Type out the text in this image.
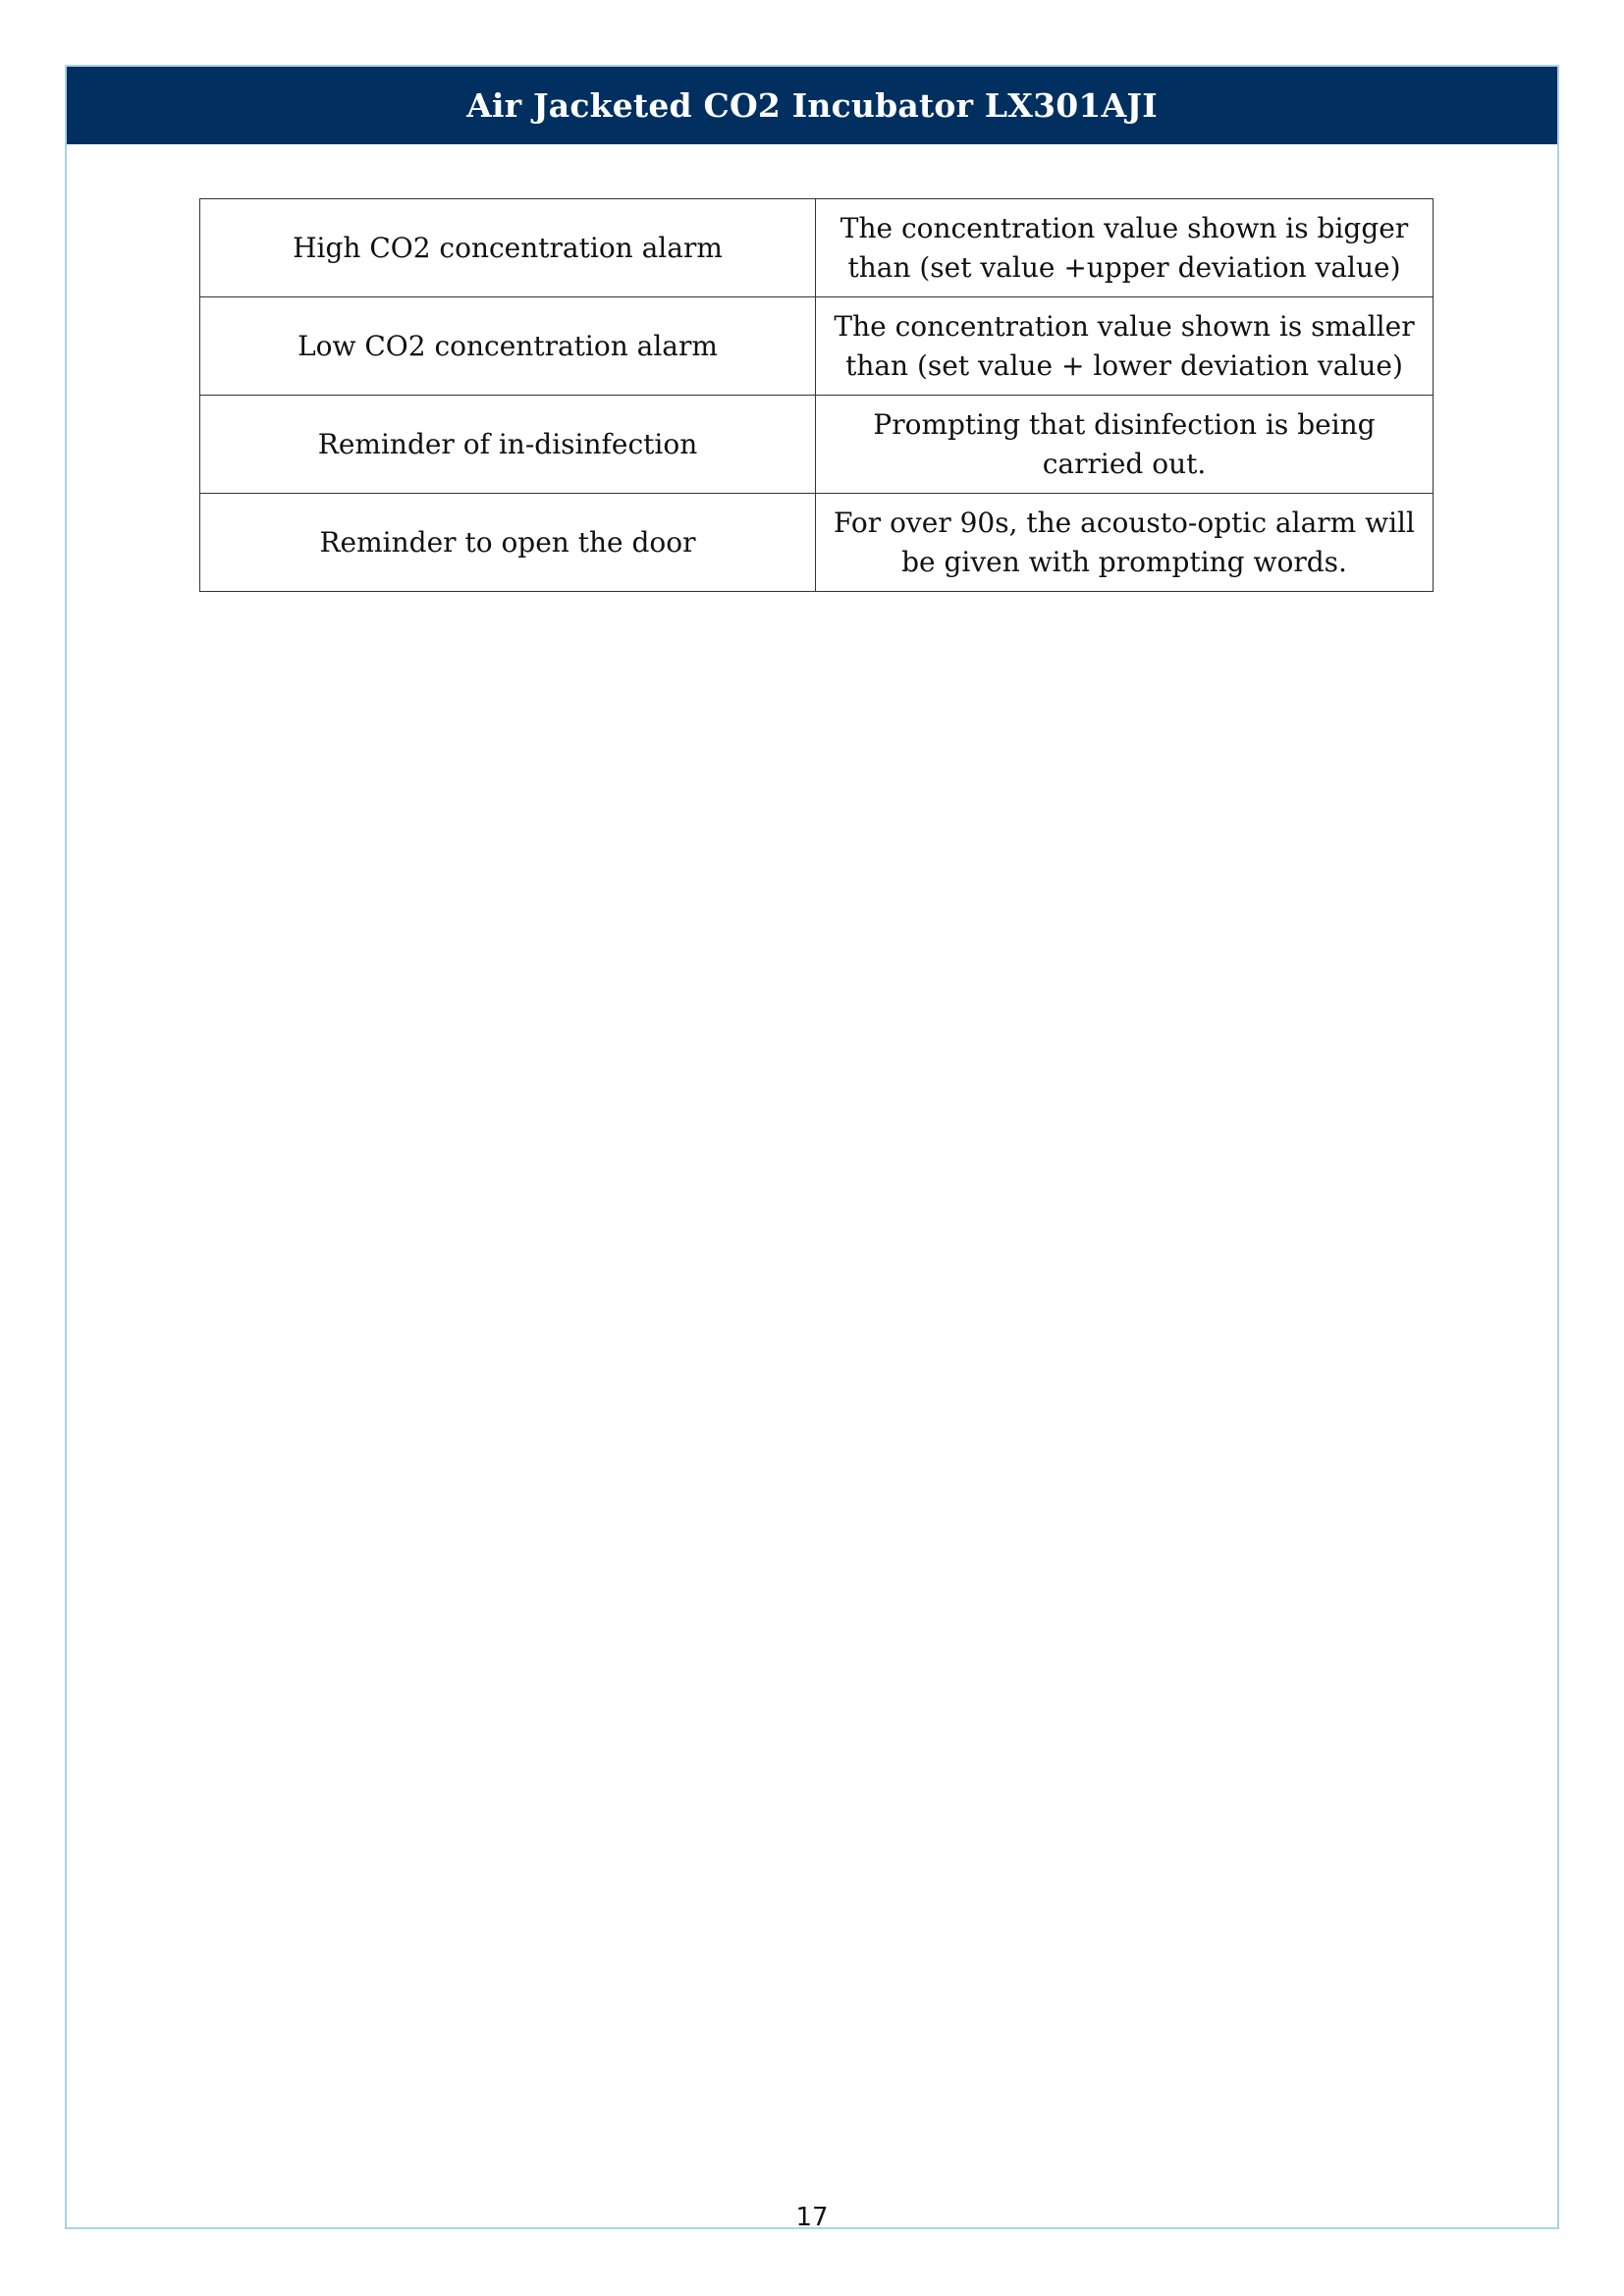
Air Jacketed CO2 Incubator LX301AJI
High CO2 concentration alarm	The concentration value shown is bigger than (set value +upper deviation value)
Low CO2 concentration alarm	The concentration value shown is smaller than (set value + lower deviation value)
Reminder of in-disinfection	Prompting that disinfection is being carried out.
Reminder to open the door	For over 90s, the acousto-optic alarm will be given with prompting words.
17
